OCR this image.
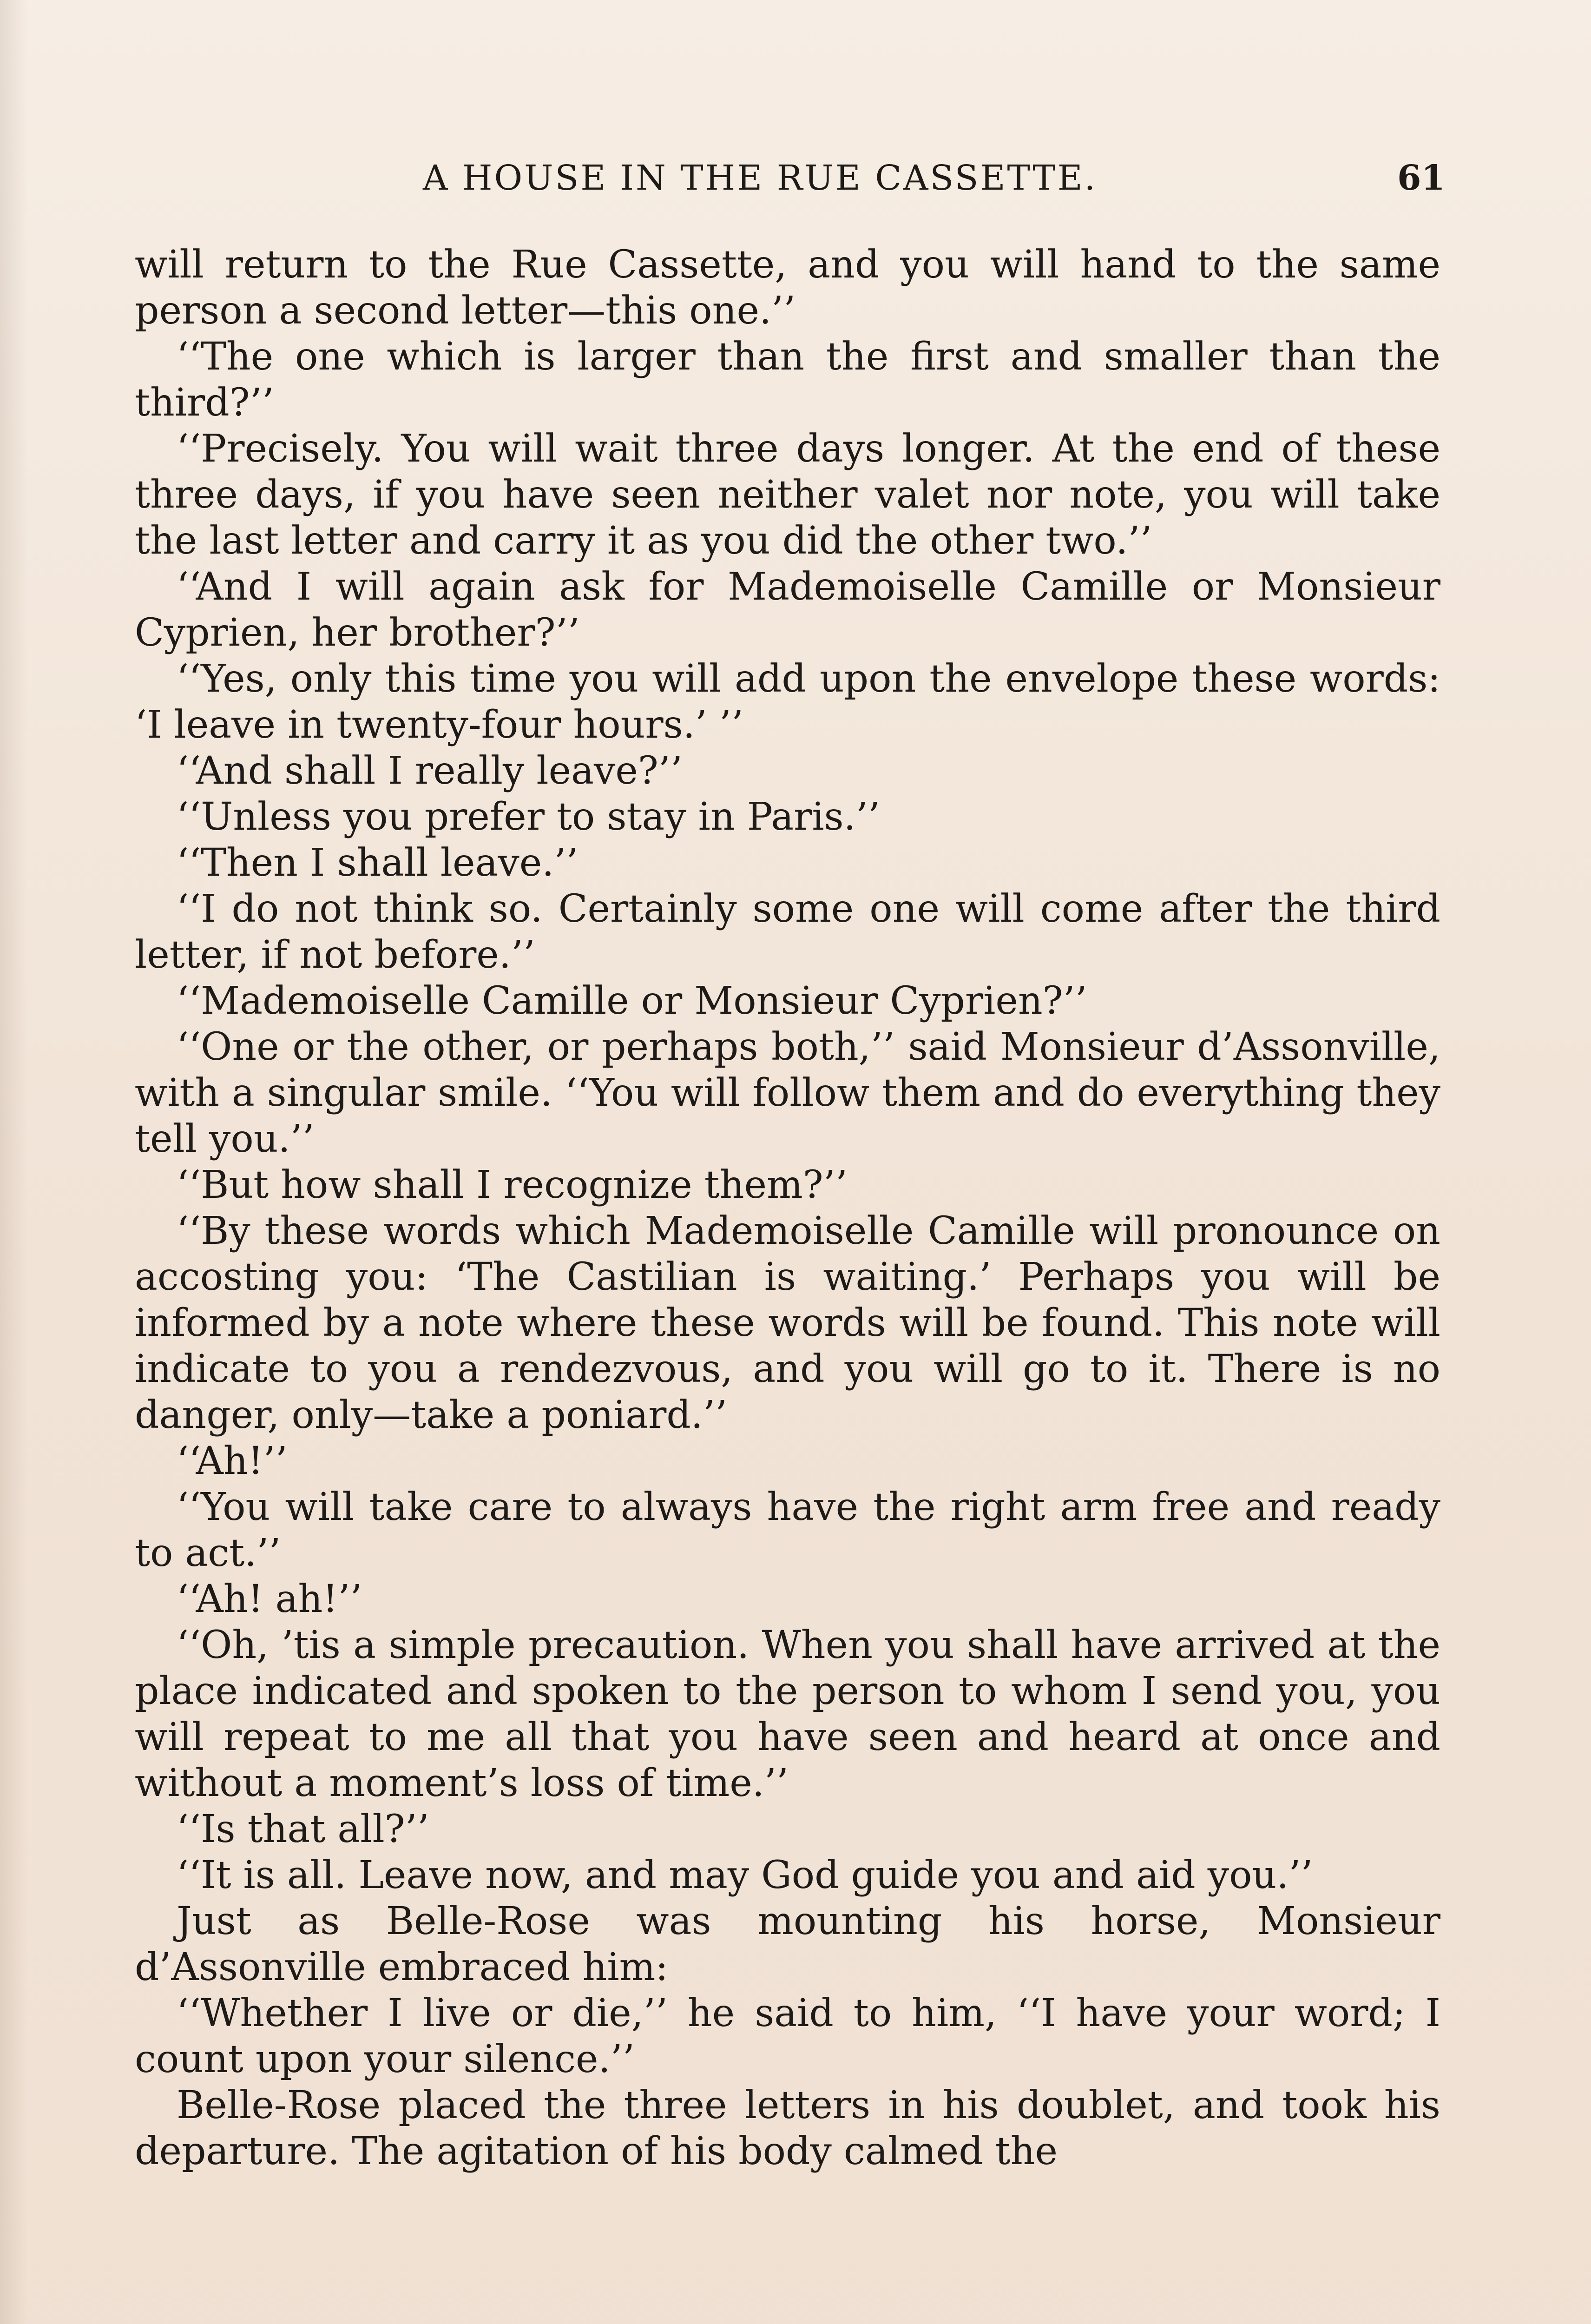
A HOUSE IN THE RUE CASSETTE.	61

will return to the Rue Cassette, and you will hand to the same person a second letter—this one.’’

‘‘The one which is larger than the first and smaller than the third?’’

‘‘Precisely. You will wait three days longer. At the end of these three days, if you have seen neither valet nor note, you will take the last letter and carry it as you did the other two.’’

‘‘And I will again ask for Mademoiselle Camille or Monsieur Cyprien, her brother?’’

‘‘Yes, only this time you will add upon the envelope these words: ‘I leave in twenty-four hours.’ ’’

‘‘And shall I really leave?’’

‘‘Unless you prefer to stay in Paris.’’

‘‘Then I shall leave.’’

‘‘I do not think so. Certainly some one will come after the third letter, if not before.’’

‘‘Mademoiselle Camille or Monsieur Cyprien?’’

‘‘One or the other, or perhaps both,’’ said Monsieur d’Assonville, with a singular smile. ‘‘You will follow them and do everything they tell you.’’

‘‘But how shall I recognize them?’’

‘‘By these words which Mademoiselle Camille will pronounce on accosting you: ‘The Castilian is waiting.’ Perhaps you will be informed by a note where these words will be found. This note will indicate to you a rendezvous, and you will go to it. There is no danger, only—take a poniard.’’

‘‘Ah!’’

‘‘You will take care to always have the right arm free and ready to act.’’

‘‘Ah! ah!’’

‘‘Oh, ’tis a simple precaution. When you shall have arrived at the place indicated and spoken to the person to whom I send you, you will repeat to me all that you have seen and heard at once and without a moment’s loss of time.’’

‘‘Is that all?’’

‘‘It is all. Leave now, and may God guide you and aid you.’’

Just as Belle-Rose was mounting his horse, Monsieur d’Assonville embraced him:

‘‘Whether I live or die,’’ he said to him, ‘‘I have your word; I count upon your silence.’’

Belle-Rose placed the three letters in his doublet, and took his departure. The agitation of his body calmed the
